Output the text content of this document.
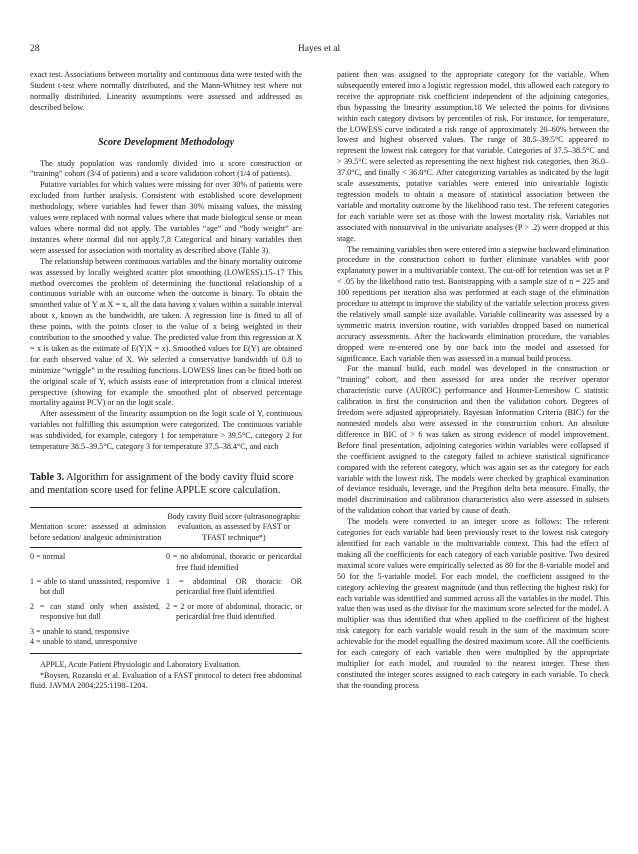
28	Hayes et al

exact test. Associations between mortality and continuous data were tested with the Student t-test where normally distributed, and the Mann-Whitney test where not normally distributed. Linearity assumptions were assessed and addressed as described below.

Score Development Methodology

The study population was randomly divided into a score construction or “training” cohort (3/4 of patients) and a score validation cohort (1/4 of patients).

Putative variables for which values were missing for over 30% of patients were excluded from further analysis. Consistent with established score development methodology, where variables had fewer than 30% missing values, the missing values were replaced with normal values where that made biological sense or mean values where normal did not apply. The variables “age” and “body weight” are instances where normal did not apply.7,8 Categorical and binary variables then were assessed for association with mortality as described above (Table 3).

The relationship between continuous variables and the binary mortality outcome was assessed by locally weighted scatter plot smoothing (LOWESS).15–17 This method overcomes the problem of determining the functional relationship of a continuous variable with an outcome when the outcome is binary. To obtain the smoothed value of Y at X = x, all the data having x values within a suitable interval about x, known as the bandwidth, are taken. A regression line is fitted to all of these points, with the points closer to the value of x being weighted in their contribution to the smoothed y value. The predicted value from this regression at X = x is taken as the estimate of E(Y|X = x). Smoothed values for E(Y) are obtained for each observed value of X. We selected a conservative bandwidth of 0.8 to minimize “wriggle” in the resulting functions. LOWESS lines can be fitted both on the original scale of Y, which assists ease of interpretation from a clinical interest perspective (showing for example the smoothed plot of observed percentage mortality against PCV) or on the logit scale.

After assessment of the linearity assumption on the logit scale of Y, continuous variables not fulfilling this assumption were categorized. The continuous variable was subdivided, for example, category 1 for temperature > 39.5°C, category 2 for temperature 38.5–39.5°C, category 3 for temperature 37.5–38.4°C, and each

Table 3. Algorithm for assignment of the body cavity fluid score and mentation score used for feline APPLE score calculation.
Mentation score: assessed at admission before sedation/ analgesic administration
Body cavity fluid score (ultrasonographic evaluation, as assessed by FAST or TFAST technique*)
0 = normal	0 = no abdominal, thoracic or pericardial free fluid identified
1 = able to stand unassisted, responsive but dull
1 = abdominal OR thoracic OR pericardial free fluid identified
2 = can stand only when assisted, responsive but dull
2 = 2 or more of abdominal, thoracic, or pericardial free fluid identified
3 = unable to stand, responsive
4 = unable to stand, unresponsive

APPLE, Acute Patient Physiologic and Laboratory Evaluation.

*Boysen, Rozanski et al. Evaluation of a FAST protocol to detect free abdominal fluid. JAVMA 2004;225:1198–1204.

patient then was assigned to the appropriate category for the variable. When subsequently entered into a logistic regression model, this allowed each category to receive the appropriate risk coefficient independent of the adjoining categories, thus bypassing the linearity assumption.18 We selected the points for divisions within each category divisors by percentiles of risk. For instance, for temperature, the LOWESS curve indicated a risk range of approximately 20–60% between the lowest and highest observed values. The range of 38.5–39.5°C appeared to represent the lowest risk category for that variable. Categories of 37.5–38.5°C and > 39.5°C were selected as representing the next highest risk categories, then 36.0–37.0°C, and finally < 36.0°C. After categorizing variables as indicated by the logit scale assessments, putative variables were entered into univariable logistic regression models to obtain a measure of statistical association between the variable and mortality outcome by the likelihood ratio test. The referent categories for each variable were set as those with the lowest mortality risk. Variables not associated with nonsurvival in the univariate analyses (P > .2) were dropped at this stage.

The remaining variables then were entered into a stepwise backward elimination procedure in the construction cohort to further eliminate variables with poor explanatory power in a multivariable context. The cut-off for retention was set at P < .05 by the likelihood ratio test. Bootstrapping with a sample size of n = 225 and 100 repetitions per iteration also was performed at each stage of the elimination procedure to attempt to improve the stability of the variable selection process given the relatively small sample size available. Variable collinearity was assessed by a symmetric matrix inversion routine, with variables dropped based on numerical accuracy assessments. After the backwards elimination procedure, the variables dropped were re-entered one by one back into the model and assessed for significance. Each variable then was assessed in a manual build process.

For the manual build, each model was developed in the construction or “training” cohort, and then assessed for area under the receiver operator characteristic curve (AUROC) performance and Hosmer-Lemeshow C statistic calibration in first the construction and then the validation cohort. Degrees of freedom were adjusted appropriately. Bayesian Information Criteria (BIC) for the nonnested models also were assessed in the construction cohort. An absolute difference in BIC of > 6 was taken as strong evidence of model improvement. Before final presentation, adjoining categories within variables were collapsed if the coefficient assigned to the category failed to achieve statistical significance compared with the referent category, which was again set as the category for each variable with the lowest risk. The models were checked by graphical examination of deviance residuals, leverage, and the Pregibon delta beta measure. Finally, the model discrimination and calibration characteristics also were assessed in subsets of the validation cohort that varied by cause of death.

The models were converted to an integer score as follows: The referent categories for each variable had been previously reset to the lowest risk category identified for each variable in the multivariable context. This had the effect of making all the coefficients for each category of each variable positive. Two desired maximal score values were empirically selected as 80 for the 8-variable model and 50 for the 5-variable model. For each model, the coefficient assigned to the category achieving the greatest magnitude (and thus reflecting the highest risk) for each variable was identified and summed across all the variables in the model. This value then was used as the divisor for the maximum score selected for the model. A multiplier was thus identified that when applied to the coefficient of the highest risk category for each variable would result in the sum of the maximum score achievable for the model equalling the desired maximum score. All the coefficients for each category of each variable then were multiplied by the appropriate multiplier for each model, and rounded to the nearest integer. These then constituted the integer scores assigned to each category in each variable. To check that the rounding process
